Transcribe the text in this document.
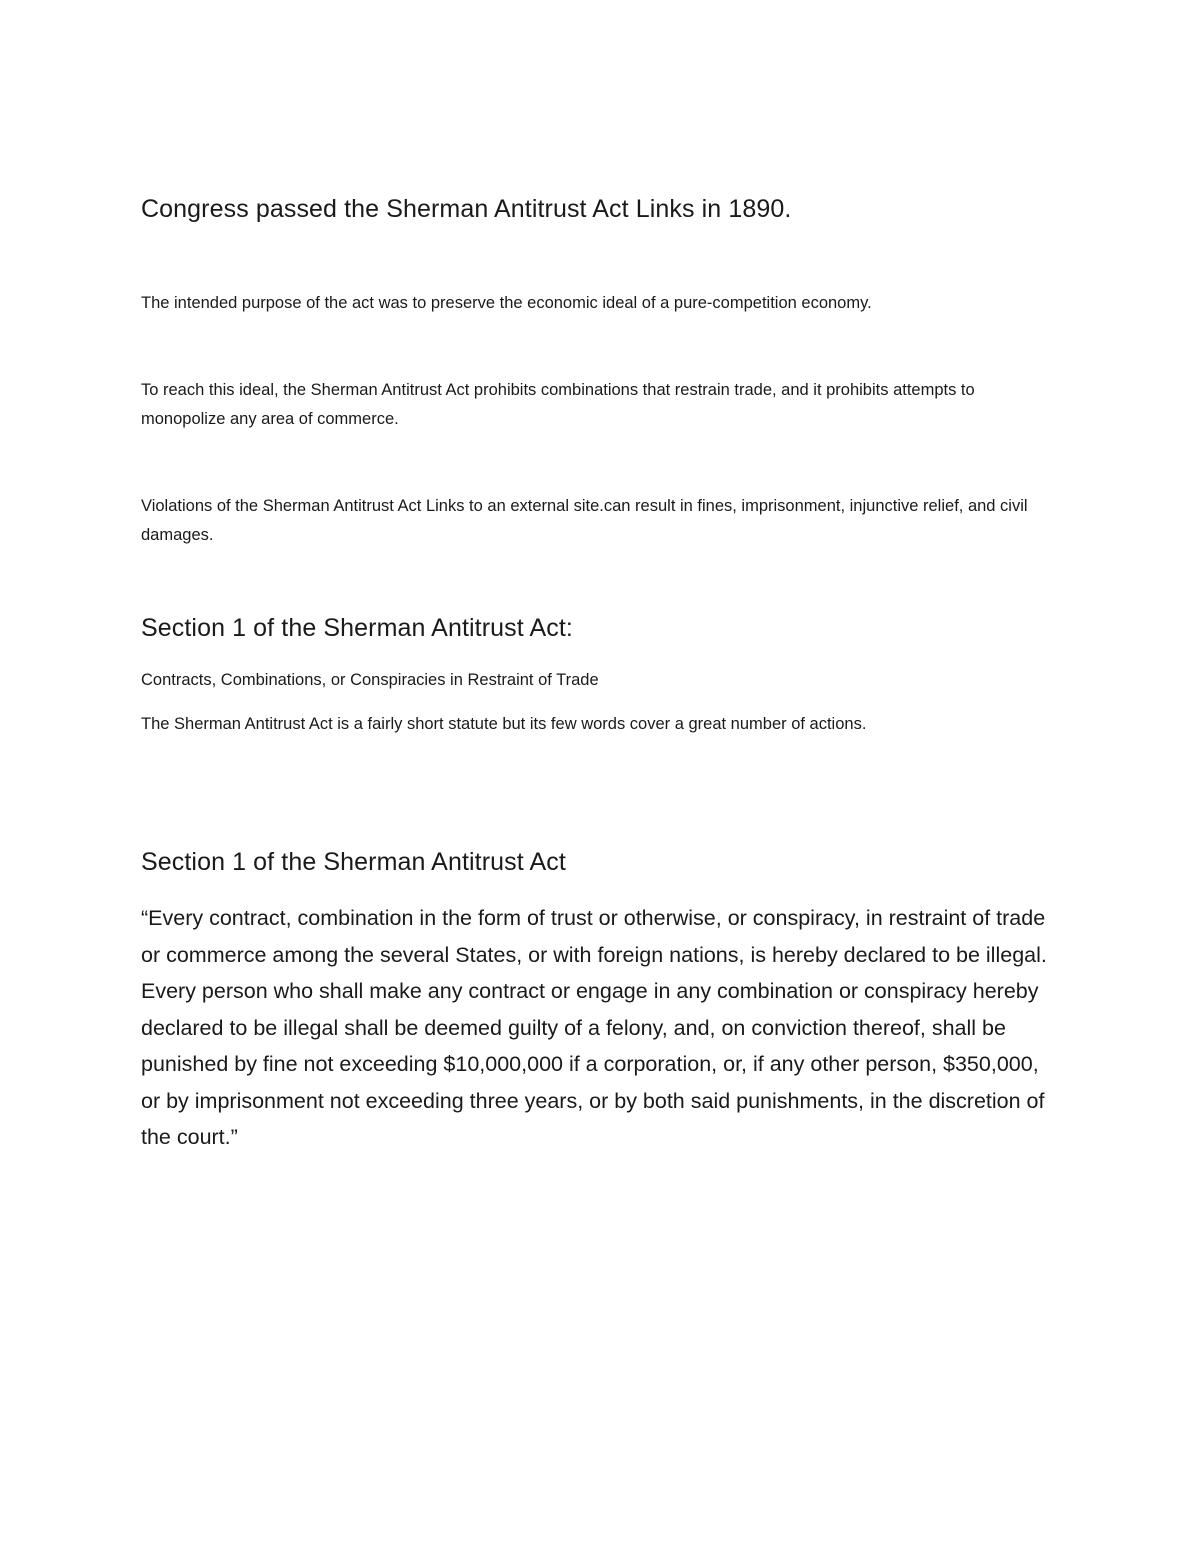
Congress passed the Sherman Antitrust Act Links in 1890.

The intended purpose of the act was to preserve the economic ideal of a pure-competition economy.

To reach this ideal, the Sherman Antitrust Act prohibits combinations that restrain trade, and it prohibits attempts to monopolize any area of commerce.

Violations of the Sherman Antitrust Act Links to an external site.can result in fines, imprisonment, injunctive relief, and civil damages.

Section 1 of the Sherman Antitrust Act:

Contracts, Combinations, or Conspiracies in Restraint of Trade

The Sherman Antitrust Act is a fairly short statute but its few words cover a great number of actions.

Section 1 of the Sherman Antitrust Act

“Every contract, combination in the form of trust or otherwise, or conspiracy, in restraint of trade or commerce among the several States, or with foreign nations, is hereby declared to be illegal. Every person who shall make any contract or engage in any combination or conspiracy hereby declared to be illegal shall be deemed guilty of a felony, and, on conviction thereof, shall be punished by fine not exceeding $10,000,000 if a corporation, or, if any other person, $350,000, or by imprisonment not exceeding three years, or by both said punishments, in the discretion of the court.”
